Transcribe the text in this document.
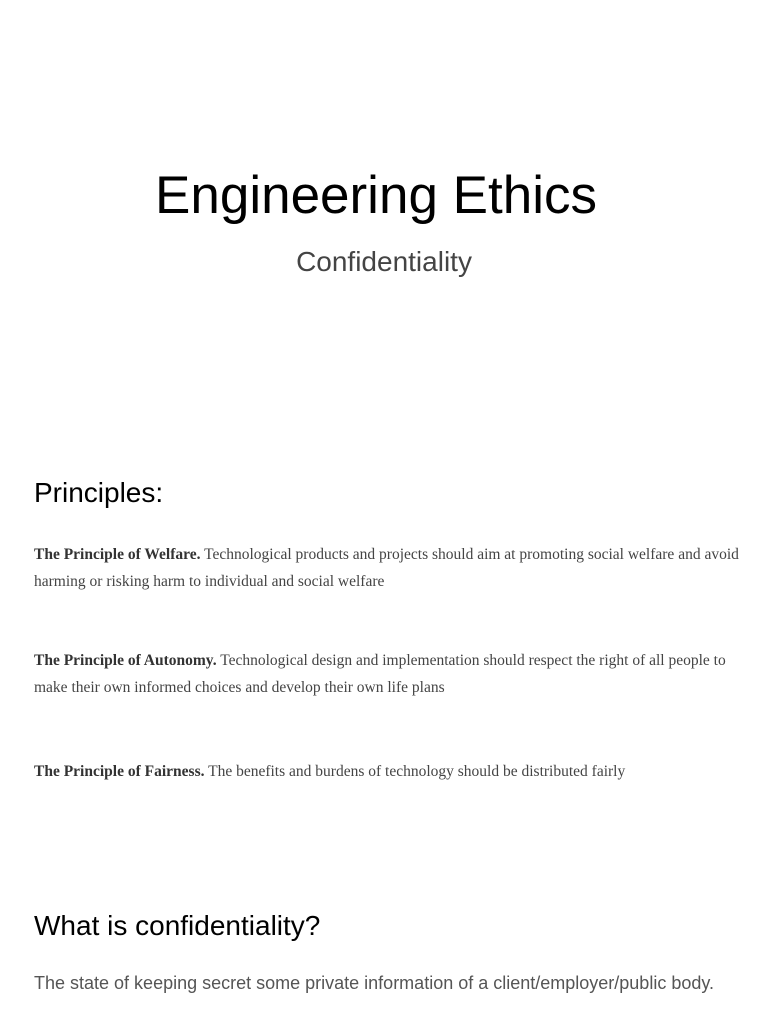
Engineering Ethics
Confidentiality
Principles:

The Principle of Welfare. Technological products and projects should aim at promoting social welfare and avoid harming or risking harm to individual and social welfare

The Principle of Autonomy. Technological design and implementation should respect the right of all people to make their own informed choices and develop their own life plans

The Principle of Fairness. The benefits and burdens of technology should be distributed fairly

What is confidentiality?

The state of keeping secret some private information of a client/employer/public body.
